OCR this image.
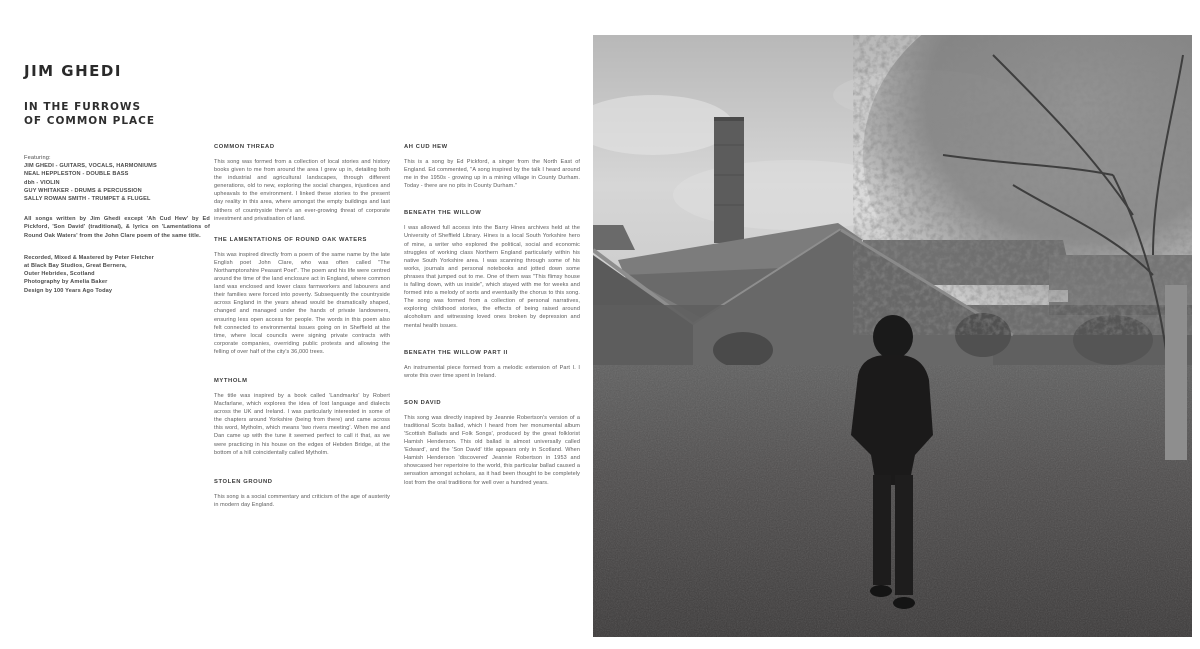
JIM GHEDI
IN THE FURROWS
OF COMMON PLACE

Featuring:
JIM GHEDI - GUITARS, VOCALS, HARMONIUMS
NEAL HEPPLESTON - DOUBLE BASS
dbh - VIOLIN
GUY WHITAKER - DRUMS & PERCUSSION
SALLY ROWAN SMITH - TRUMPET & FLUGEL

All songs written by Jim Ghedi except 'Ah Cud Hew' by Ed Pickford, 'Son David' (traditional), & lyrics on 'Lamentations of Round Oak Waters' from the John Clare poem of the same title.

Recorded, Mixed & Mastered by Peter Fletcher
at Black Bay Studios, Great Bernera,
Outer Hebrides, Scotland
Photography by Amelia Baker
Design by 100 Years Ago Today

COMMON THREAD

This song was formed from a collection of local stories and history books given to me from around the area I grew up in, detailing both the industrial and agricultural landscapes, through different generations, old to new, exploring the social changes, injustices and upheavals to the environment. I linked these stories to the present day reality in this area, where amongst the empty buildings and last slithers of countryside there's an ever-growing threat of corporate investment and privatisation of land.

THE LAMENTATIONS OF ROUND OAK WATERS

This was inspired directly from a poem of the same name by the late English poet John Clare, who was often called "The Northamptonshire Peasant Poet". The poem and his life were centred around the time of the land enclosure act in England, where common land was enclosed and lower class farmworkers and labourers and their families were forced into poverty. Subsequently the countryside across England in the years ahead would be dramatically shaped, changed and managed under the hands of private landowners, ensuring less open access for people. The words in this poem also felt connected to environmental issues going on in Sheffield at the time, where local councils were signing private contracts with corporate companies, overriding public protests and allowing the felling of over half of the city's 36,000 trees.

MYTHOLM

The title was inspired by a book called 'Landmarks' by Robert Macfarlane, which explores the idea of lost language and dialects across the UK and Ireland. I was particularly interested in some of the chapters around Yorkshire (being from there) and came across this word, Mytholm, which means 'two rivers meeting'. When me and Dan came up with the tune it seemed perfect to call it that, as we were practicing in his house on the edges of Hebden Bridge, at the bottom of a hill coincidentally called Mytholm.

STOLEN GROUND

This song is a social commentary and criticism of the age of austerity in modern day England.

AH CUD HEW

This is a song by Ed Pickford, a singer from the North East of England. Ed commented, "A song inspired by the talk I heard around me in the 1950s - growing up in a mining village in County Durham. Today - there are no pits in County Durham."

BENEATH THE WILLOW

I was allowed full access into the Barry Hines archives held at the University of Sheffield Library. Hines is a local South Yorkshire hero of mine, a writer who explored the political, social and economic struggles of working class Northern England particularly within his native South Yorkshire area. I was scanning through some of his works, journals and personal notebooks and jotted down some phrases that jumped out to me. One of them was "This flimsy house is falling down, with us inside", which stayed with me for weeks and formed into a melody of sorts and eventually the chorus to this song. The song was formed from a collection of personal narratives, exploring childhood stories, the effects of being raised around alcoholism and witnessing loved ones broken by depression and mental health issues.

BENEATH THE WILLOW PART II

An instrumental piece formed from a melodic extension of Part I. I wrote this over time spent in Ireland.

SON DAVID

This song was directly inspired by Jeannie Robertson's version of a traditional Scots ballad, which I heard from her monumental album 'Scottish Ballads and Folk Songs', produced by the great folklorist Hamish Henderson. This old ballad is almost universally called 'Edward', and the 'Son David' title appears only in Scotland. When Hamish Henderson 'discovered' Jeannie Robertson in 1953 and showcased her repertoire to the world, this particular ballad caused a sensation amongst scholars, as it had been thought to be completely lost from the oral traditions for well over a hundred years.
